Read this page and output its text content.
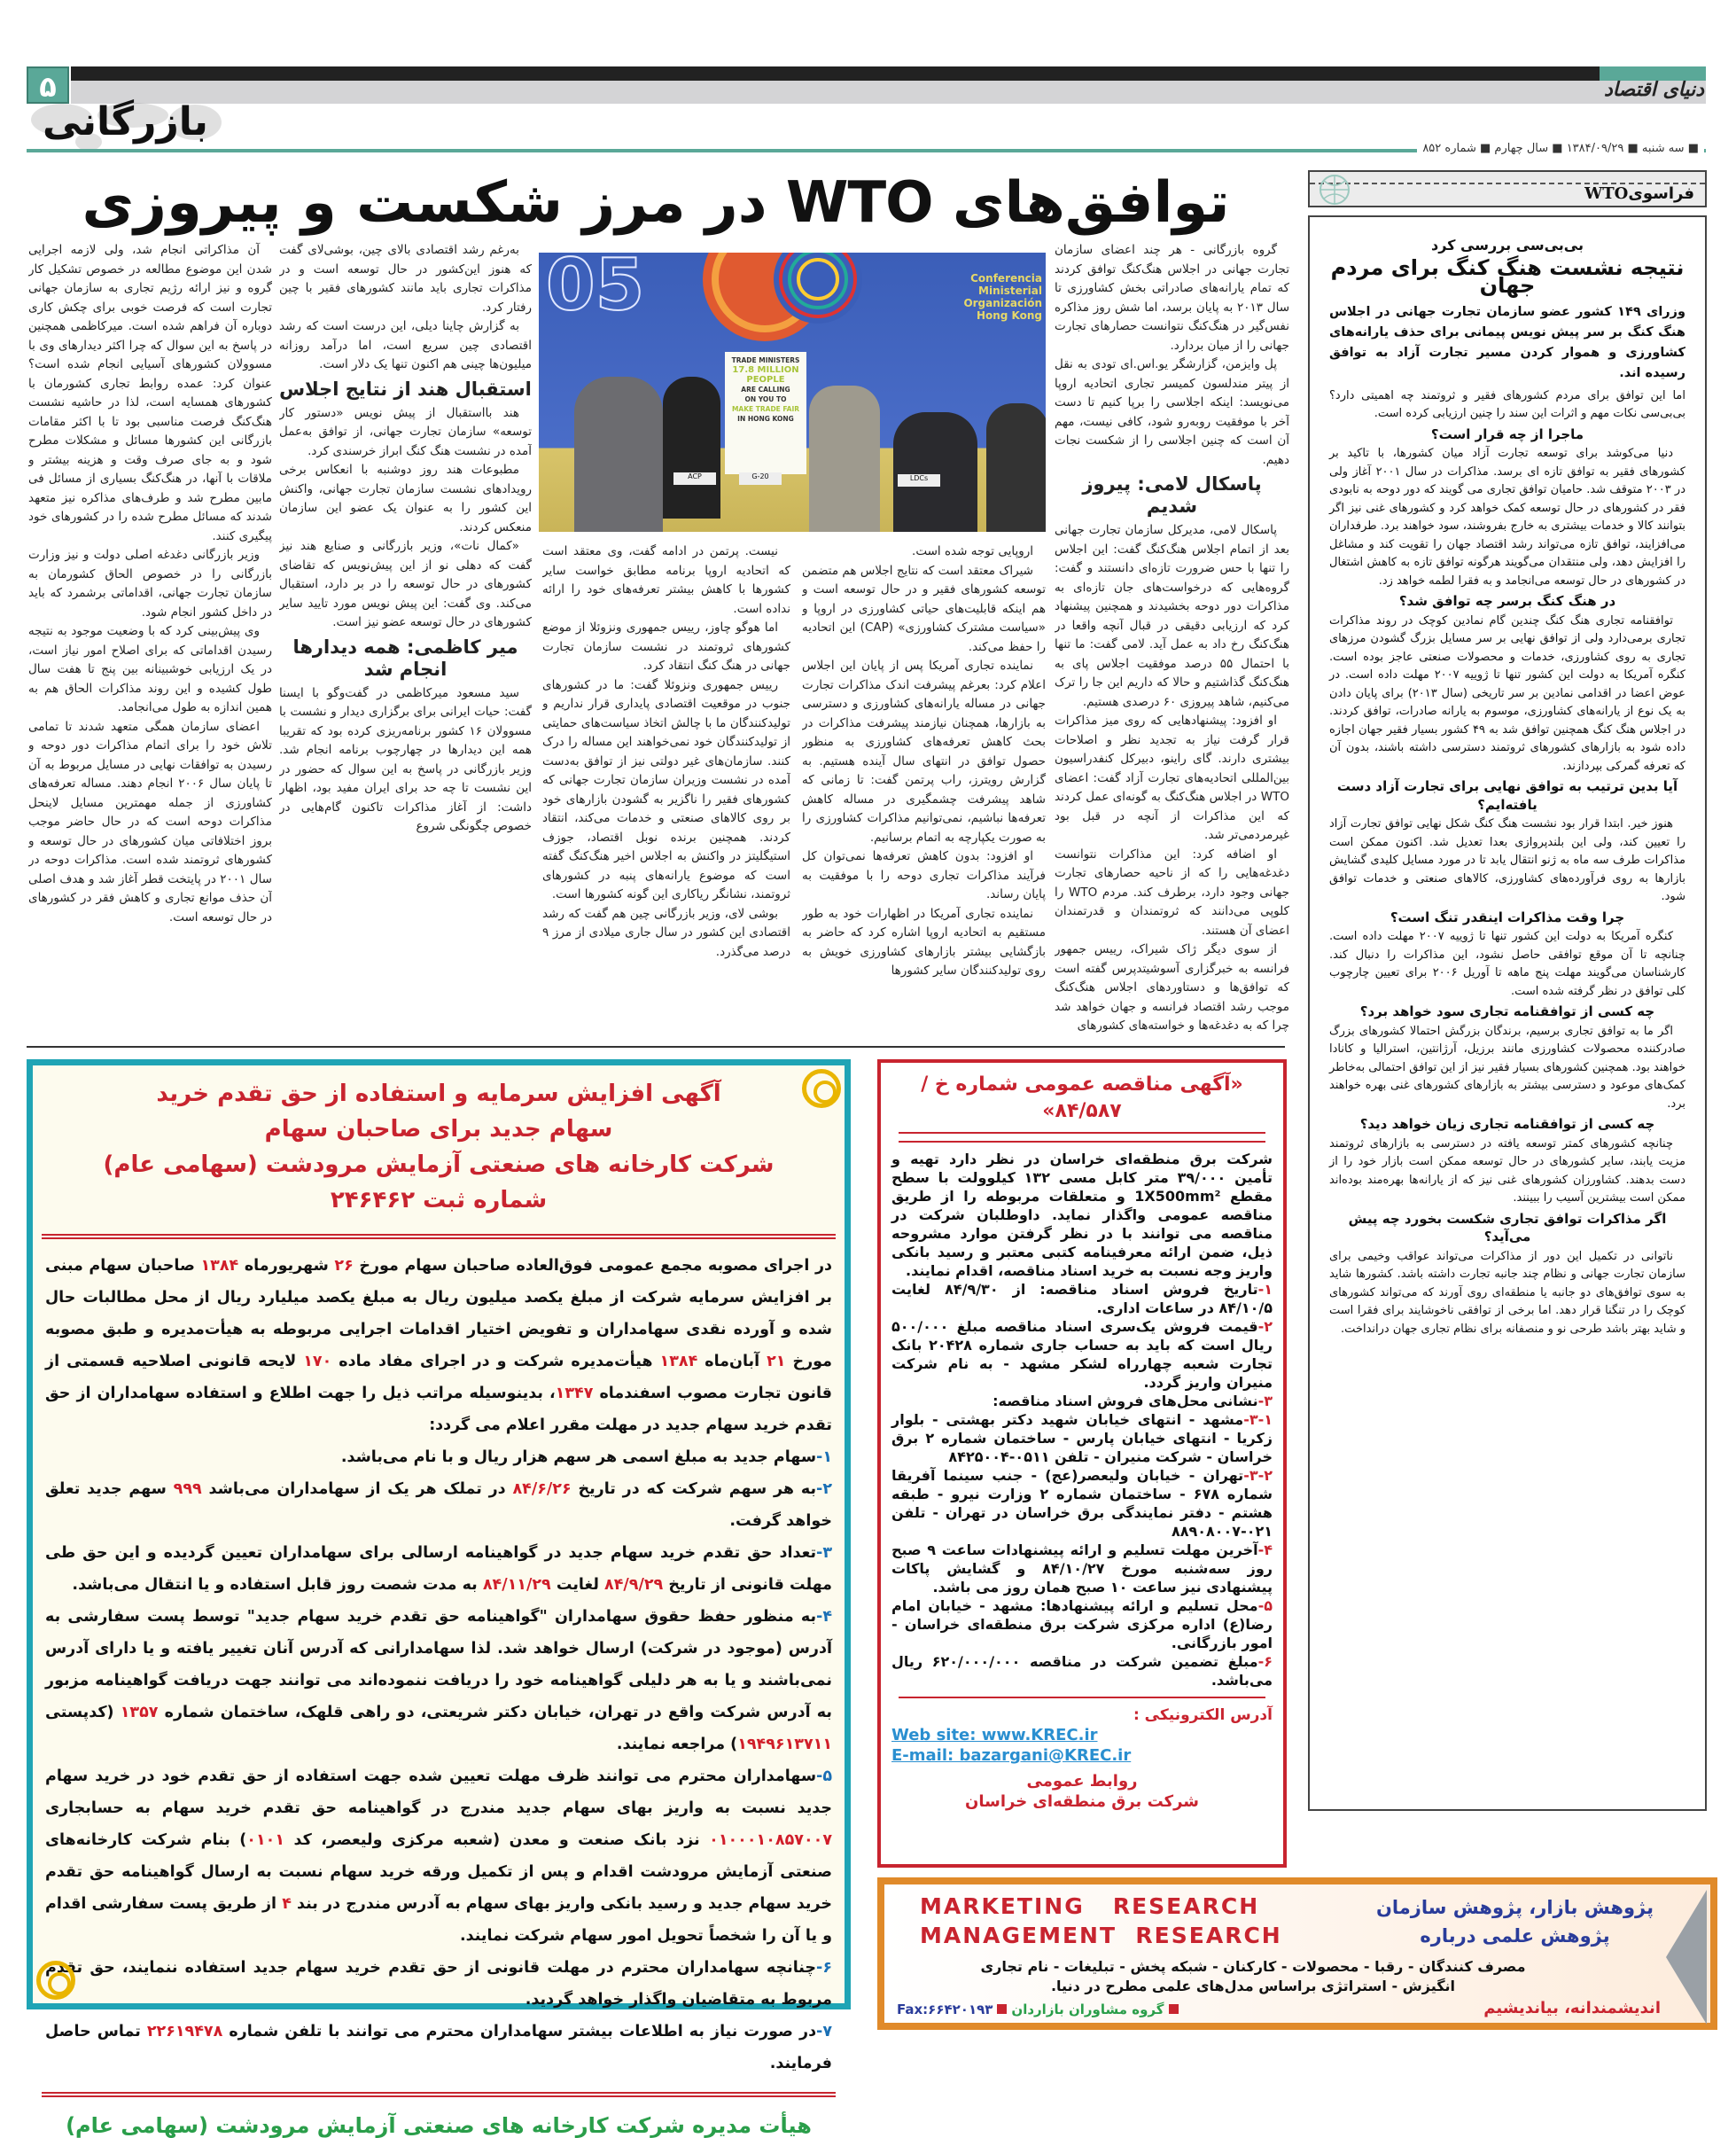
۵	دنیای اقتصاد
بازرگانی
■ سه شنبه ■ ۱۳۸۴/۰۹/۲۹ ■ سال چهارم ■ شماره ۸۵۲
توافق‌های WTO در مرز شکست و پیروزی

گروه بازرگانی - هر چند اعضای سازمان تجارت جهانی در اجلاس هنگ‌کنگ توافق کردند که تمام یارانه‌های صادراتی بخش کشاورزی تا سال ۲۰۱۳ به پایان برسد، اما شش روز مذاکره نفس‌گیر در هنگ‌کنگ نتوانست حصارهای تجارت جهانی را از میان بردارد.

پل وایزمن، گزارشگر یو.اس.ای تودی به نقل از پیتر مندلسون کمیسر تجاری اتحادیه اروپا می‌نویسد: اینکه اجلاسی را برپا کنیم تا دست آخر با موفقیت روبه‌رو شود، کافی نیست، مهم آن است که چنین اجلاسی را از شکست نجات دهیم.

پاسکال لامی: پیروز شدیم

پاسکال لامی، مدیرکل سازمان تجارت جهانی بعد از اتمام اجلاس هنگ‌کنگ گفت: این اجلاس را تنها با حس ضرورت تازه‌ای دانستند و گفت: گروه‌هایی که درخواست‌های جان تازه‌ای به مذاکرات دور دوحه بخشیدند و همچنین پیشنهاد کرد که ارزیابی دقیقی در قبال آنچه واقعا در هنگ‌کنگ رخ داد به عمل آید. لامی گفت: ما تنها با احتمال ۵۵ درصد موفقیت اجلاس پای به هنگ‌کنگ گذاشتیم و حالا که داریم این جا را ترک می‌کنیم، شاهد پیروزی ۶۰ درصدی هستیم.

او افزود: پیشنهادهایی که روی میز مذاکرات قرار گرفت نیاز به تجدید نظر و اصلاحات بیشتری دارند. گای راینو، دبیرکل کنفدراسیون بین‌المللی اتحادیه‌های تجارت آزاد گفت: اعضای WTO در اجلاس هنگ‌کنگ به گونه‌ای عمل کردند که این مذاکرات از آنچه در قبل بود غیرمردمی‌تر شد.

او اضافه کرد: این مذاکرات نتوانست دغدغه‌هایی را که از ناحیه حصارهای تجارت جهانی وجود دارد، برطرف کند. مردم WTO را کلوپی می‌دانند که ثروتمندان و قدرتمندان اعضای آن هستند.

از سوی دیگر ژاک شیراک، رییس جمهور فرانسه به خبرگزاری آسوشیتدپرس گفته است که توافق‌ها و دستاوردهای اجلاس هنگ‌کنگ موجب رشد اقتصاد فرانسه و جهان خواهد شد چرا که به دغدغه‌ها و خواسته‌های کشورهای

اروپایی توجه شده است.

شیراک معتقد است که نتایج اجلاس هم متضمن توسعه کشورهای فقیر و در حال توسعه است و هم اینکه قابلیت‌های حیاتی کشاورزی در اروپا و «سیاست مشترک کشاورزی» (CAP) این اتحادیه را حفظ می‌کند.

نماینده تجاری آمریکا پس از پایان این اجلاس اعلام کرد: بعرغم پیشرفت اندک مذاکرات تجارت جهانی در مساله یارانه‌های کشاورزی و دسترسی به بازارها، همچنان نیازمند پیشرفت مذاکرات در بحث کاهش تعرفه‌های کشاورزی به منظور حصول توافق در انتهای سال آینده هستیم. به گزارش رویترز، راب پرتمن گفت: تا زمانی که شاهد پیشرفت چشمگیری در مساله کاهش تعرفه‌ها نباشیم، نمی‌توانیم مذاکرات کشاورزی را به صورت یکپارچه به اتمام برسانیم.

او افزود: بدون کاهش تعرفه‌ها نمی‌توان کل فرآیند مذاکرات تجاری دوحه را با موفقیت به پایان رساند.

نماینده تجاری آمریکا در اظهارات خود به طور مستقیم به اتحادیه اروپا اشاره کرد که حاضر به بازگشایی بیشتر بازارهای کشاورزی خویش به روی تولیدکنندگان سایر کشورها

نیست. پرتمن در ادامه گفت، وی معتقد است که اتحادیه اروپا برنامه مطابق خواست سایر کشورها با کاهش بیشتر تعرفه‌های خود را ارائه نداده است.

اما هوگو چاوز، رییس جمهوری ونزوئلا از موضع کشورهای ثروتمند در نشست سازمان تجارت جهانی در هنگ کنگ انتقاد کرد.

رییس جمهوری ونزوئلا گفت: ما در کشورهای جنوب در موقعیت اقتصادی پایداری قرار نداریم و تولیدکنندگان ما با چالش اتخاذ سیاست‌های حمایتی از تولیدکنندگان خود نمی‌خواهند این مساله را درک کنند. سازمان‌های غیر دولتی نیز از توافق به‌دست آمده در نشست وزیران سازمان تجارت جهانی که کشورهای فقیر را ناگزیر به گشودن بازارهای خود بر روی کالاهای صنعتی و خدمات می‌کند، انتقاد کردند. همچنین برنده نوبل اقتصاد، جوزف استیگلیتز در واکنش به اجلاس اخیر هنگ‌کنگ گفته است که موضوع یارانه‌های پنبه در کشورهای ثروتمند، نشانگر ریاکاری این گونه کشورها است.

بوشی لای، وزیر بازرگانی چین هم گفت که رشد اقتصادی این کشور در سال جاری میلادی از مرز ۹ درصد می‌گذرد.

به‌رغم رشد اقتصادی بالای چین، بوشی‌لای گفت که هنوز این‌کشور در حال توسعه است و در مذاکرات تجاری باید مانند کشورهای فقیر با چین رفتار کرد.

به گزارش چاینا دیلی، این درست است که رشد اقتصادی چین سریع است، اما درآمد روزانه میلیون‌ها چینی هم اکنون تنها یک دلار است.

استقبال هند از نتایج اجلاس

هند بااستقبال از پیش نویس «دستور کار توسعه» سازمان تجارت جهانی، از توافق به‌عمل آمده در نشست هنگ کنگ ابراز خرسندی کرد.

مطبوعات هند روز دوشنبه با انعکاس برخی رویدادهای نشست سازمان تجارت جهانی، واکنش این کشور را به عنوان یک عضو این سازمان منعکس کردند.

«کمال نات»، وزیر بازرگانی و صنایع هند نیز گفت که دهلی نو از این پیش‌نویس که تقاضای کشورهای در حال توسعه را در بر دارد، استقبال می‌کند. وی گفت: این پیش نویس مورد تایید سایر کشورهای در حال توسعه عضو نیز است.

میر کاظمی: همه دیدارها انجام شد

سید مسعود میرکاظمی در گفت‌وگو با ایسنا گفت: حیات ایرانی برای برگزاری دیدار و نشست با مسوولان ۱۶ کشور برنامه‌ریزی کرده بود که تقریبا همه این دیدارها در چهارچوب برنامه انجام شد. وزیر بازرگانی در پاسخ به این سوال که حضور در این نشست تا چه حد برای ایران مفید بود، اظهار داشت: از آغاز مذاکرات تاکنون گام‌هایی در خصوص چگونگی شروع

آن مذاکراتی انجام شد، ولی لازمه اجرایی شدن این موضوع مطالعه در خصوص تشکیل کار گروه و نیز ارائه رژیم تجاری به سازمان جهانی تجارت است که فرصت خوبی برای چکش کاری دوباره آن فراهم شده است. میرکاظمی همچنین در پاسخ به این سوال که چرا اکثر دیدارهای وی با مسوولان کشورهای آسیایی انجام شده است؟ عنوان کرد: عمده روابط تجاری کشورمان با کشورهای همسایه است، لذا در حاشیه نشست هنگ‌کنگ فرصت مناسبی بود تا با اکثر مقامات بازرگانی این کشورها مسائل و مشکلات مطرح شود و به جای صرف وقت و هزینه بیشتر و ملاقات با آنها، در هنگ‌کنگ بسیاری از مسائل فی مابین مطرح شد و طرف‌های مذاکره نیز متعهد شدند که مسائل مطرح شده را در کشورهای خود پیگیری کنند.

وزیر بازرگانی دغدغه اصلی دولت و نیز وزارت بازرگانی را در خصوص الحاق کشورمان به سازمان تجارت جهانی، اقداماتی برشمرد که باید در داخل کشور انجام شود.

وی پیش‌بینی کرد که با وضعیت موجود به نتیجه رسیدن اقداماتی که برای اصلاح امور نیاز است، در یک ارزیابی خوشبینانه بین پنج تا هفت سال طول کشیده و این روند مذاکرات الحاق هم به همین اندازه به طول می‌انجامد.

اعضای سازمان همگی متعهد شدند تا تمامی تلاش خود را برای اتمام مذاکرات دور دوحه و رسیدن به توافقات نهایی در مسایل مربوط به آن تا پایان سال ۲۰۰۶ انجام دهند. مساله تعرفه‌های کشاورزی از جمله مهمترین مسایل لاینحل مذاکرات دوحه است که در حال حاضر موجب بروز اختلافاتی میان کشورهای در حال توسعه و کشورهای ثروتمند شده است. مذاکرات دوحه در سال ۲۰۰۱ در پایتخت قطر آغاز شد و هدف اصلی آن حذف موانع تجاری و کاهش فقر در کشورهای در حال توسعه است.

05	Conferencia Ministerial Organización Hong Kong
TRADE MINISTERS
17.8 MILLION
PEOPLE
ARE CALLING
ON YOU TO
MAKE TRADE FAIR
IN HONG KONG
ACP	G-20	LDCs
فراسویWTO
بی‌بی‌سی بررسی کرد
نتیجه نشست هنگ کنگ برای مردم جهان

وزرای ۱۴۹ کشور عضو سازمان تجارت جهانی در اجلاس هنگ کنگ بر سر پیش نویس پیمانی برای حذف یارانه‌های کشاورزی و هموار کردن مسیر تجارت آزاد به توافق رسیده اند.

اما این توافق برای مردم کشورهای فقیر و ثروتمند چه اهمیتی دارد؟ بی‌بی‌سی نکات مهم و اثرات این سند را چنین ارزیابی کرده است.

ماجرا از چه قرار است؟

دنیا می‌کوشد برای توسعه تجارت آزاد میان کشورها، با تاکید بر کشورهای فقیر به توافق تازه ای برسد. مذاکرات در سال ۲۰۰۱ آغاز ولی در ۲۰۰۳ متوقف شد. حامیان توافق تجاری می گویند که دور دوحه به نابودی فقر در کشورهای در حال توسعه کمک خواهد کرد و کشورهای غنی نیز اگر بتوانند کالا و خدمات بیشتری به خارج بفروشند، سود خواهند برد. طرفداران می‌افزایند، توافق تازه می‌تواند رشد اقتصاد جهان را تقویت کند و مشاغل را افزایش دهد، ولی منتقدان می‌گویند هرگونه توافق تازه به کاهش اشتغال در کشورهای در حال توسعه می‌انجامد و به فقرا لطمه خواهد زد.

در هنگ کنگ برسر چه توافق شد؟

توافقنامه تجاری هنگ کنگ چندین گام نمادین کوچک در روند مذاکرات تجاری برمی‌دارد ولی از توافق نهایی بر سر مسایل بزرگ گشودن مرزهای تجاری به روی کشاورزی، خدمات و محصولات صنعتی عاجز بوده است. کنگره آمریکا به دولت این کشور تنها تا ژوییه ۲۰۰۷ مهلت داده است. در عوض اعضا در اقدامی نمادین بر سر تاریخی (سال ۲۰۱۳) برای پایان دادن به یک نوع از یارانه‌های کشاورزی، موسوم به یارانه صادرات، توافق کردند. در اجلاس هنگ کنگ همچنین توافق شد به ۴۹ کشور بسیار فقیر جهان اجازه داده شود به بازارهای کشورهای ثروتمند دسترسی داشته باشند، بدون آن که تعرفه گمرکی بپردازند.

آیا بدین ترتیب به توافق نهایی برای تجارت آزاد دست یافته‌ایم؟

هنوز خیر. ابتدا قرار بود نشست هنگ کنگ شکل نهایی توافق تجارت آزاد را تعیین کند، ولی این بلندپروازی بعدا تعدیل شد. اکنون ممکن است مذاکرات طرف سه ماه به ژنو انتقال یابد تا در مورد مسایل کلیدی گشایش بازارها به روی فرآورده‌های کشاورزی، کالاهای صنعتی و خدمات توافق شود.

چرا وقت مذاکرات اینقدر تنگ است؟

کنگره آمریکا به دولت این کشور تنها تا ژوییه ۲۰۰۷ مهلت داده است. چنانچه تا آن موقع توافقی حاصل نشود، این مذاکرات را دنبال کند. کارشناسان می‌گویند مهلت پنج ماهه تا آوریل ۲۰۰۶ برای تعیین چارچوب کلی توافق در نظر گرفته شده است.

چه کسی از توافقنامه تجاری سود خواهد برد؟

اگر ما به توافق تجاری برسیم، برندگان بزرگش احتمالا کشورهای بزرگ صادرکننده محصولات کشاورزی مانند برزیل، آرژانتین، استرالیا و کانادا خواهند بود. همچنین کشورهای بسیار فقیر نیز از این توافق احتمالی به‌خاطر کمک‌های موعود و دسترسی بیشتر به بازارهای کشورهای غنی بهره خواهند برد.

چه کسی از توافقنامه تجاری زیان خواهد دید؟

چنانچه کشورهای کمتر توسعه یافته در دسترسی به بازارهای ثروتمند مزیت یابند، سایر کشورهای در حال توسعه ممکن است بازار خود را از دست بدهند. کشاورزان کشورهای غنی نیز که از یارانه‌ها بهره‌مند بوده‌اند ممکن است بیشترین آسیب را ببینند.

اگر مذاکرات توافق تجاری شکست بخورد چه پیش می‌آید؟

ناتوانی در تکمیل این دور از مذاکرات می‌تواند عواقب وخیمی برای سازمان تجارت جهانی و نظام چند جانبه تجارت داشته باشد. کشورها شاید به سوی توافق‌های دو جانبه یا منطقه‌ای روی آورند که می‌تواند کشورهای کوچک را در تنگنا قرار دهد. اما برخی از توافقی ناخوشایند برای فقرا است و شاید بهتر باشد طرحی نو و منصفانه برای نظام تجاری جهان درانداخت.

آگهی افزایش سرمایه و استفاده از حق تقدم خرید
سهام جدید برای صاحبان سهام
شرکت کارخانه های صنعتی آزمایش مرودشت (سهامی عام)
شماره ثبت ۲۴۶۴۶۲
در اجرای مصوبه مجمع عمومی فوق‌العاده صاحبان سهام مورخ ۲۶ شهریورماه ۱۳۸۴ صاحبان سهام مبنی بر افزایش سرمایه شرکت از مبلغ یکصد میلیون ریال به مبلغ یکصد میلیارد ریال از محل مطالبات حال شده و آورده نقدی سهامداران و تفویض اختیار اقدامات اجرایی مربوطه به هیأت‌مدیره و طبق مصوبه مورخ ۲۱ آبان‌ماه ۱۳۸۴ هیأت‌مدیره شرکت و در اجرای مفاد ماده ۱۷۰ لایحه قانونی اصلاحیه قسمتی از قانون تجارت مصوب اسفندماه ۱۳۴۷، بدینوسیله مراتب ذیل را جهت اطلاع و استفاده سهامداران از حق تقدم خرید سهام جدید در مهلت مقرر اعلام می گردد:
۱-سهام جدید به مبلغ اسمی هر سهم هزار ریال و با نام می‌باشد.
۲-به هر سهم شرکت که در تاریخ ۸۴/۶/۲۶ در تملک هر یک از سهامداران می‌باشد ۹۹۹ سهم جدید تعلق خواهد گرفت.
۳-تعداد حق تقدم خرید سهام جدید در گواهینامه ارسالی برای سهامداران تعیین گردیده و این حق طی مهلت قانونی از تاریخ ۸۴/۹/۲۹ لغایت ۸۴/۱۱/۲۹ به مدت شصت روز قابل استفاده و یا انتقال می‌باشد.
۴-به منظور حفظ حقوق سهامداران "گواهینامه حق تقدم خرید سهام جدید" توسط پست سفارشی به آدرس (موجود در شرکت) ارسال خواهد شد. لذا سهامدارانی که آدرس آنان تغییر یافته و یا دارای آدرس نمی‌باشند و یا به هر دلیلی گواهینامه خود را دریافت ننموده‌اند می توانند جهت دریافت گواهینامه مزبور به آدرس شرکت واقع در تهران، خیابان دکتر شریعتی، دو راهی قلهک، ساختمان شماره ۱۳۵۷ (کدپستی ۱۹۴۹۶۱۳۷۱۱) مراجعه نمایند.
۵-سهامداران محترم می توانند ظرف مهلت تعیین شده جهت استفاده از حق تقدم خود در خرید سهام جدید نسبت به واریز بهای سهام جدید مندرج در گواهینامه حق تقدم خرید سهام به حسابجاری ۰۱۰۰۰۱۰۸۵۷۰۰۷ نزد بانک صنعت و معدن (شعبه مرکزی ولیعصر، کد ۰۱۰۱) بنام شرکت کارخانه‌های صنعتی آزمایش مرودشت اقدام و پس از تکمیل ورقه خرید سهام نسبت به ارسال گواهینامه حق تقدم خرید سهام جدید و رسید بانکی واریز بهای سهام به آدرس مندرج در بند ۴ از طریق پست سفارشی اقدام و یا آن را شخصاً تحویل امور سهام شرکت نمایند.
۶-چنانچه سهامداران محترم در مهلت قانونی از حق تقدم خرید سهام جدید استفاده ننمایند، حق تقدم مربوط به متقاضیان واگذار خواهد گردید.
۷-در صورت نیاز به اطلاعات بیشتر سهامداران محترم می توانند با تلفن شماره ۲۲۶۱۹۴۷۸ تماس حاصل فرمایند.
هیأت مدیره شرکت کارخانه های صنعتی آزمایش مرودشت (سهامی عام)
«آگهی مناقصه عمومی شماره خ /۸۴/۵۸۷»
شرکت برق منطقه‌ای خراسان در نظر دارد تهیه و تأمین ۳۹/۰۰۰ متر کابل مسی ۱۳۲ کیلوولت با سطح مقطع 1X500mm² و متعلقات مربوطه را از طریق مناقصه عمومی واگذار نماید. داوطلبان شرکت در مناقصه می توانند با در نظر گرفتن موارد مشروحه ذیل، ضمن ارائه معرفینامه کتبی معتبر و رسید بانکی واریز وجه نسبت به خرید اسناد مناقصه، اقدام نمایند.
۱-تاریخ فروش اسناد مناقصه: از ۸۴/۹/۳۰ لغایت ۸۴/۱۰/۵ در ساعات اداری.
۲-قیمت فروش یک‌سری اسناد مناقصه مبلغ ۵۰۰/۰۰۰ ریال است که باید به حساب جاری شماره ۲۰۴۲۸ بانک تجارت شعبه چهارراه لشکر مشهد - به نام شرکت منیران واریز گردد.
۳-نشانی محل‌های فروش اسناد مناقصه:
۳-۱-مشهد - انتهای خیابان شهید دکتر بهشتی - بلوار زکریا - انتهای خیابان پارس - ساختمان شماره ۲ برق خراسان - شرکت منیران - تلفن ۰۵۱۱-۸۴۲۵۰۰۴
۳-۲-تهران - خیابان ولیعصر(عج) - جنب سینما آفریقا شماره ۶۷۸ - ساختمان شماره ۲ وزارت نیرو - طبقه هشتم - دفتر نمایندگی برق خراسان در تهران - تلفن ۰۲۱-۸۸۹۰۸۰۰۷
۴-آخرین مهلت تسلیم و ارائه پیشنهادات ساعت ۹ صبح روز سه‌شنبه مورخ ۸۴/۱۰/۲۷ و گشایش پاکات پیشنهادی نیز ساعت ۱۰ صبح همان روز می باشد.
۵-محل تسلیم و ارائه پیشنهادها: مشهد - خیابان امام رضا(ع) اداره مرکزی شرکت برق منطقه‌ای خراسان - امور بازرگانی.
۶-مبلغ تضمین شرکت در مناقصه ۶۲۰/۰۰۰/۰۰۰ ریال می‌باشد.
آدرس الکترونیکی :
Web site: www.KREC.ir
E-mail: bazargani@KREC.ir
روابط عمومی
شرکت برق منطقه‌ای خراسان
MARKETING   RESEARCH
MANAGEMENT  RESEARCH
پژوهش بازار، پژوهش سازمان
پژوهش علمی درباره
مصرف کنندگان - رقبا - محصولات - کارکنان - شبکه پخش - تبلیغات - نام تجاری
انگیزش - استراتژی براساس مدل‌های علمی مطرح در دنیا.
اندیشمندانه، بیاندیشیم
گروه مشاوران بازاردانFax:۶۶۴۲۰۱۹۳
